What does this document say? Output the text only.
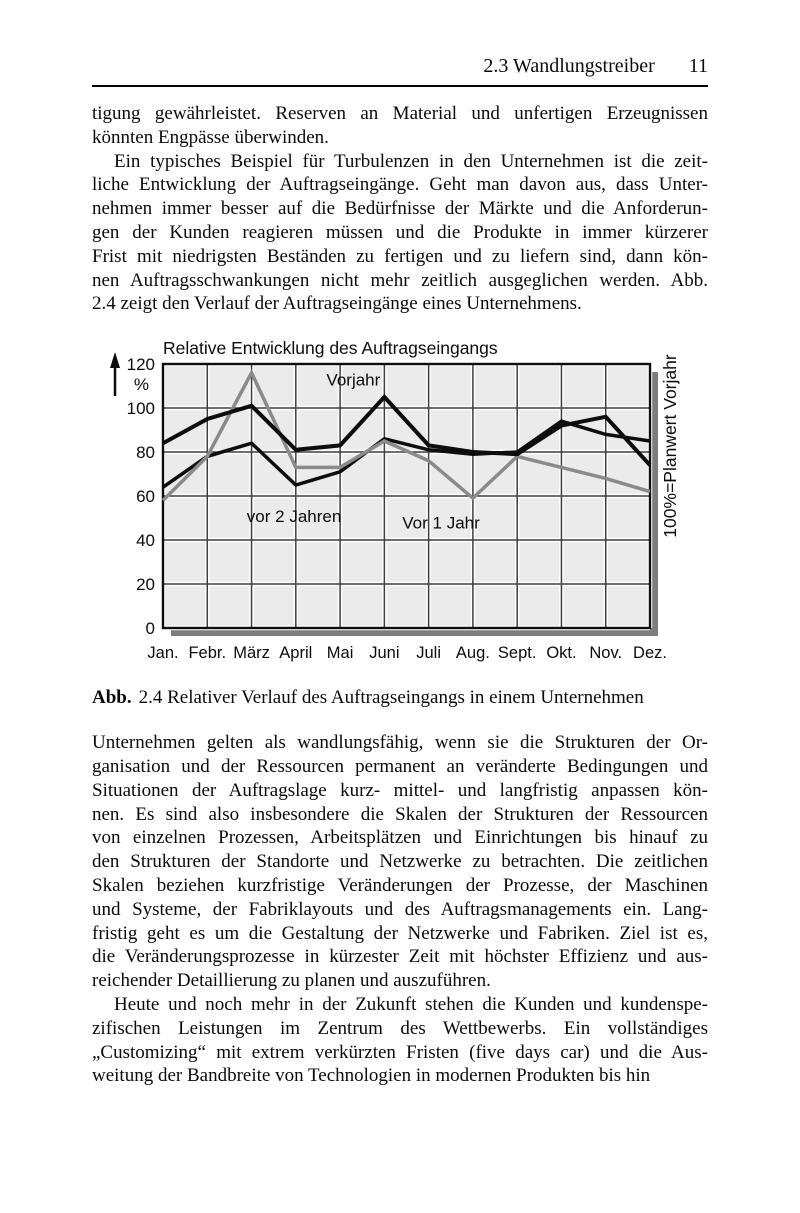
2.3 Wandlungstreiber 11
tigung gewährleistet. Reserven an Material und unfertigen Erzeugnissen
könnten Engpässe überwinden.
Ein typisches Beispiel für Turbulenzen in den Unternehmen ist die zeit-
liche Entwicklung der Auftragseingänge. Geht man davon aus, dass Unter-
nehmen immer besser auf die Bedürfnisse der Märkte und die Anforderun-
gen der Kunden reagieren müssen und die Produkte in immer kürzerer
Frist mit niedrigsten Beständen zu fertigen und zu liefern sind, dann kön-
nen Auftragsschwankungen nicht mehr zeitlich ausgeglichen werden. Abb.
2.4 zeigt den Verlauf der Auftragseingänge eines Unternehmens.
Vorjahr
vor 2 Jahren	Vor 1 Jahr
Relative Entwicklung des Auftragseingangs
0
20
40
60
80
100
120
%
Jan. Febr. März April Mai Juni Juli Aug. Sept. Okt. Nov. Dez.
100%=Planwert Vorjahr

Abb. 2.4 Relativer Verlauf des Auftragseingangs in einem Unternehmen

Unternehmen gelten als wandlungsfähig, wenn sie die Strukturen der Or-
ganisation und der Ressourcen permanent an veränderte Bedingungen und
Situationen der Auftragslage kurz- mittel- und langfristig anpassen kön-
nen. Es sind also insbesondere die Skalen der Strukturen der Ressourcen
von einzelnen Prozessen, Arbeitsplätzen und Einrichtungen bis hinauf zu
den Strukturen der Standorte und Netzwerke zu betrachten. Die zeitlichen
Skalen beziehen kurzfristige Veränderungen der Prozesse, der Maschinen
und Systeme, der Fabriklayouts und des Auftragsmanagements ein. Lang-
fristig geht es um die Gestaltung der Netzwerke und Fabriken. Ziel ist es,
die Veränderungsprozesse in kürzester Zeit mit höchster Effizienz und aus-
reichender Detaillierung zu planen und auszuführen.
Heute und noch mehr in der Zukunft stehen die Kunden und kundenspe-
zifischen Leistungen im Zentrum des Wettbewerbs. Ein vollständiges
„Customizing“ mit extrem verkürzten Fristen (five days car) und die Aus-
weitung der Bandbreite von Technologien in modernen Produkten bis hin
